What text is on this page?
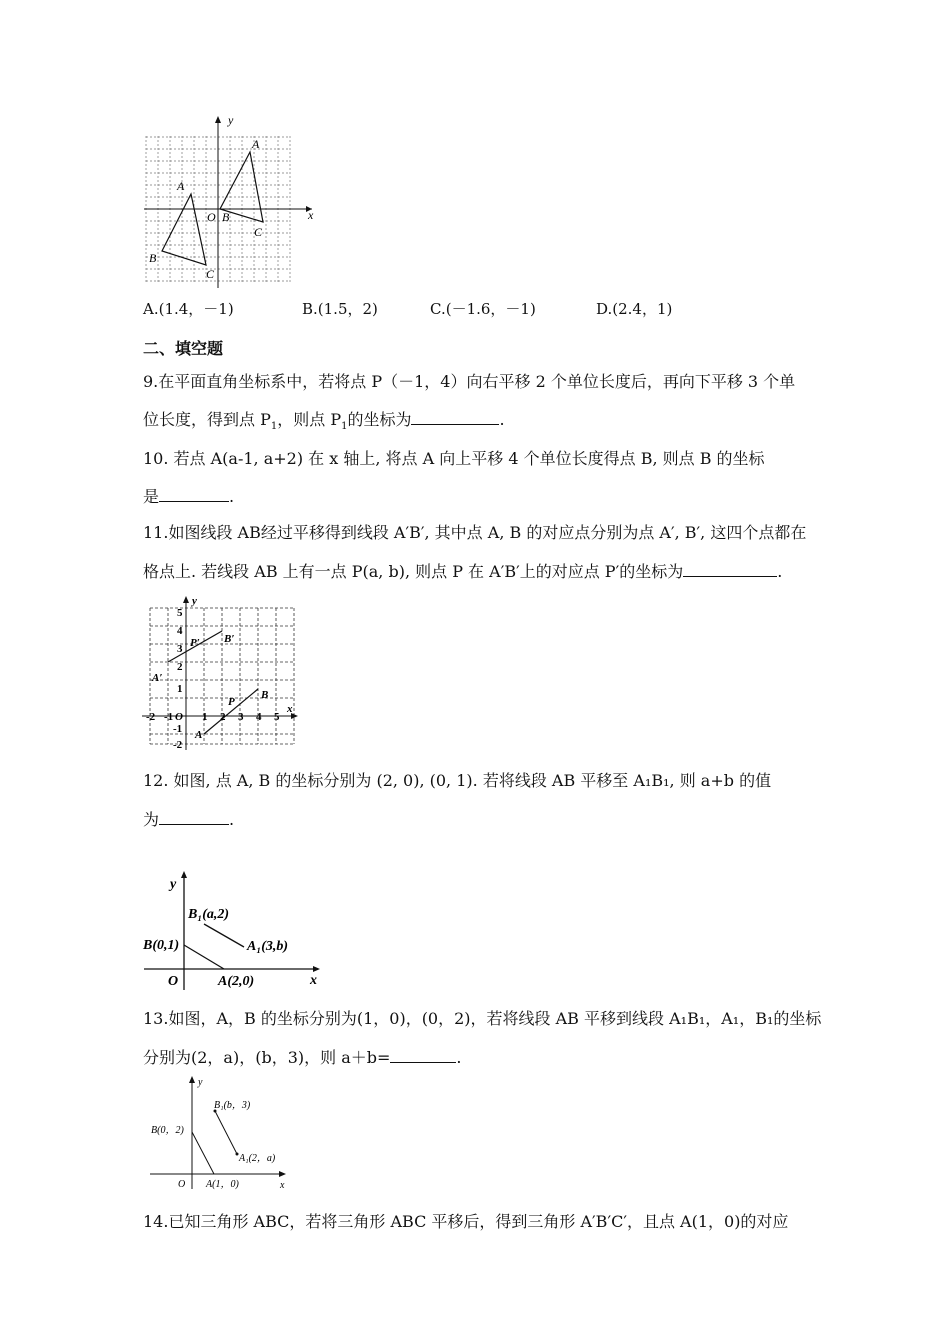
y
x
A
B
C
A
O B
C
A.(1.4，－1)	B.(1.5，2)	C.(－1.6，－1)	D.(2.4，1)
二、填空题
9.在平面直角坐标系中，若将点 P（－1，4）向右平移 2 个单位长度后，再向下平移 3 个单
位长度，得到点 $P_1$，则点 $P_1$的坐标为	.
10. 若点 A(a-1, a+2) 在 x 轴上, 将点 A 向上平移 4 个单位长度得点 B, 则点 B 的坐标
是	.
11.如图线段 AB经过平移得到线段 A′B′, 其中点 A, B 的对应点分别为点 A′, B′, 这四个点都在
格点上. 若线段 AB 上有一点 P(a, b), 则点 P 在 A′B′上的对应点 P′的坐标为	.
y
x
-2 -1 O 1 2 3 4 5
5
4
3
2
1
-1
-2
P′ B′
A′
P
B
A
12. 如图, 点 A, B 的坐标分别为 (2, 0), (0, 1). 若将线段 AB 平移至 A₁B₁, 则 a+b 的值
为	.
y
x
B₁(a,2)
A₁(3,b)
B(0,1)
A(2,0)
O
13.如图，A，B 的坐标分别为(1，0)，(0，2)，若将线段 AB 平移到线段 A₁B₁，A₁，B₁的坐标
分别为(2，a)，(b，3)，则 a＋b=	.
y
x
B₁(b，3)
A₁(2，a)
B(0，2)
A(1，0)
O
14.已知三角形 ABC，若将三角形 ABC 平移后，得到三角形 A′B′C′，且点 A(1，0)的对应
